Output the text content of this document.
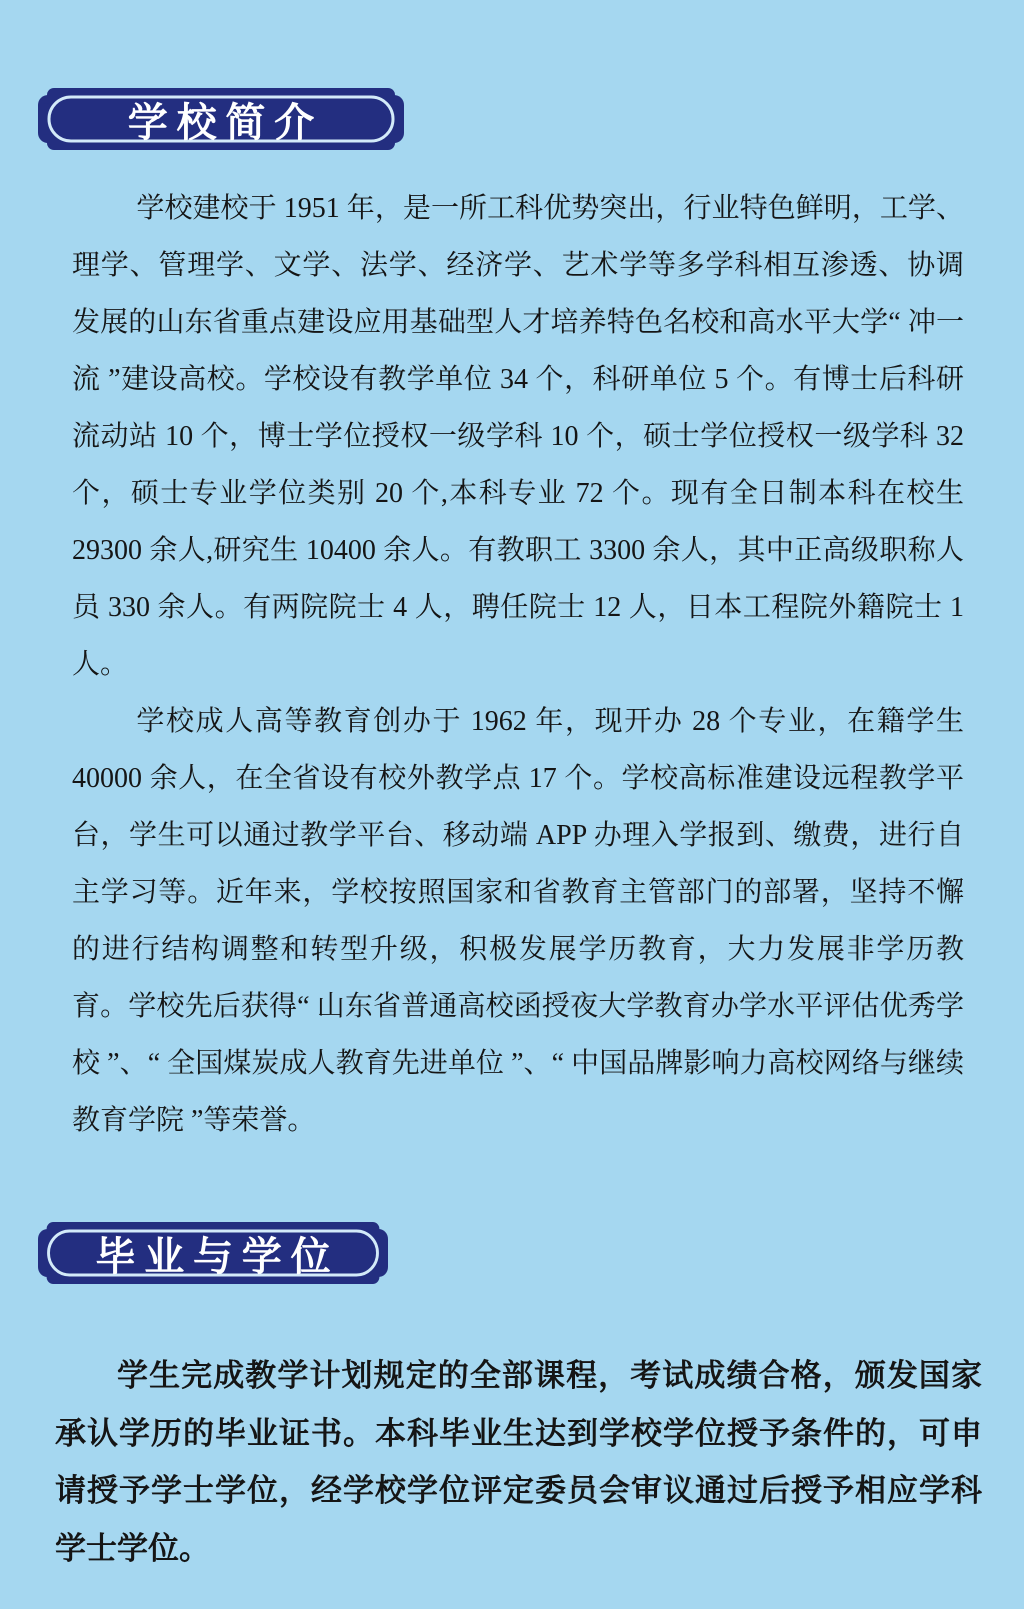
学校简介

学校建校于 1951 年，是一所工科优势突出，行业特色鲜明，工学、理学、管理学、文学、法学、经济学、艺术学等多学科相互渗透、协调发展的山东省重点建设应用基础型人才培养特色名校和高水平大学“ 冲一流 ”建设高校。学校设有教学单位 34 个，科研单位 5 个。有博士后科研流动站 10 个，博士学位授权一级学科 10 个，硕士学位授权一级学科 32 个，硕士专业学位类别 20 个,本科专业 72 个。现有全日制本科在校生 29300 余人,研究生 10400 余人。有教职工 3300 余人，其中正高级职称人员 330 余人。有两院院士 4 人，聘任院士 12 人，日本工程院外籍院士 1 人。

学校成人高等教育创办于 1962 年，现开办 28 个专业，在籍学生 40000 余人，在全省设有校外教学点 17 个。学校高标准建设远程教学平台，学生可以通过教学平台、移动端 APP 办理入学报到、缴费，进行自主学习等。近年来，学校按照国家和省教育主管部门的部署，坚持不懈的进行结构调整和转型升级，积极发展学历教育，大力发展非学历教育。学校先后获得“ 山东省普通高校函授夜大学教育办学水平评估优秀学校 ”、“ 全国煤炭成人教育先进单位 ”、“ 中国品牌影响力高校网络与继续教育学院 ”等荣誉。

毕业与学位

学生完成教学计划规定的全部课程，考试成绩合格，颁发国家承认学历的毕业证书。本科毕业生达到学校学位授予条件的，可申请授予学士学位，经学校学位评定委员会审议通过后授予相应学科学士学位。
